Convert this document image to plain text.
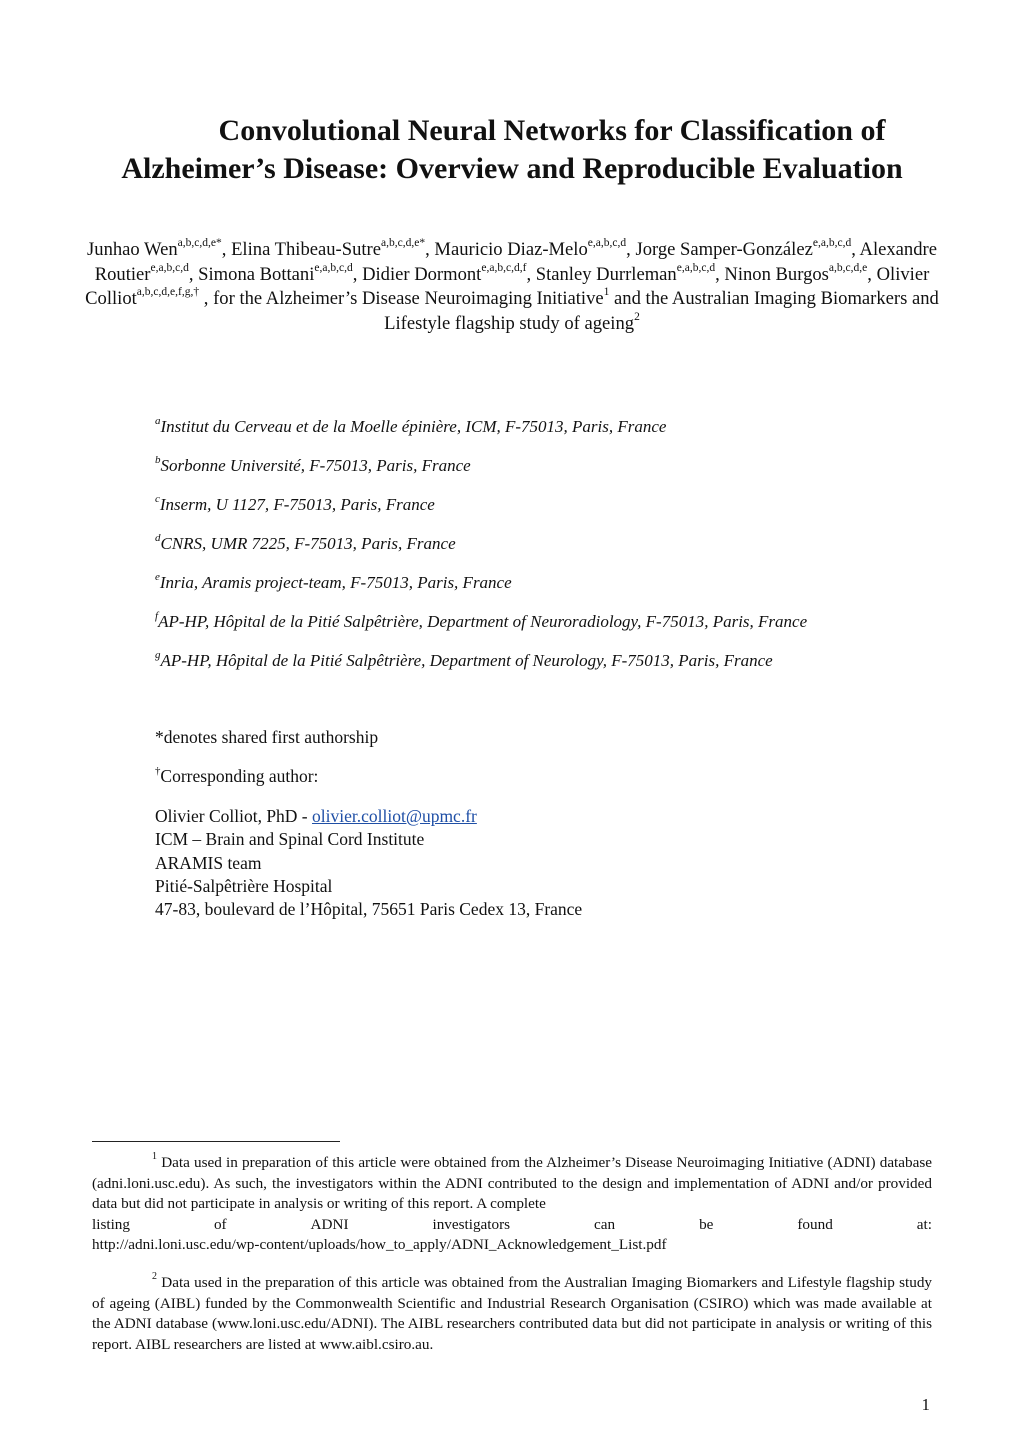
Convolutional Neural Networks for Classification of
Alzheimer’s Disease: Overview and Reproducible Evaluation
Junhao Wen$^{a,b,c,d,e*}$, Elina Thibeau-Sutre$^{a,b,c,d,e*}$, Mauricio Diaz-Melo$^{e,a,b,c,d}$, Jorge Samper-González$^{e,a,b,c,d}$, Alexandre Routier$^{e,a,b,c,d}$, Simona Bottani$^{e,a,b,c,d}$, Didier Dormont$^{e,a,b,c,d,f}$, Stanley Durrleman$^{e,a,b,c,d}$, Ninon Burgos$^{a,b,c,d,e}$, Olivier Colliot$^{a,b,c,d,e,f,g,\dagger}$ , for the Alzheimer’s Disease Neuroimaging Initiative$^1$ and the Australian Imaging Biomarkers and Lifestyle flagship study of ageing$^2$
$^a$Institut du Cerveau et de la Moelle épinière, ICM, F-75013, Paris, France
$^b$Sorbonne Université, F-75013, Paris, France
$^c$Inserm, U 1127, F-75013, Paris, France
$^d$CNRS, UMR 7225, F-75013, Paris, France
$^e$Inria, Aramis project-team, F-75013, Paris, France
$^f$AP-HP, Hôpital de la Pitié Salpêtrière, Department of Neuroradiology, F-75013, Paris, France
$^g$AP-HP, Hôpital de la Pitié Salpêtrière, Department of Neurology, F-75013, Paris, France
*denotes shared first authorship
†Corresponding author:
Olivier Colliot, PhD - olivier.colliot@upmc.fr
ICM – Brain and Spinal Cord Institute
ARAMIS team
Pitié-Salpêtrière Hospital
47-83, boulevard de l’Hôpital, 75651 Paris Cedex 13, France
$^1$ Data used in preparation of this article were obtained from the Alzheimer’s Disease Neuroimaging Initiative (ADNI) database (adni.loni.usc.edu). As such, the investigators within the ADNI contributed to the design and implementation of ADNI and/or provided data but did not participate in analysis or writing of this report. A complete
listing	of	ADNI	investigators	can	be	found	at:
http://adni.loni.usc.edu/wp-content/uploads/how_to_apply/ADNI_Acknowledgement_List.pdf
$^2$ Data used in the preparation of this article was obtained from the Australian Imaging Biomarkers and Lifestyle flagship study of ageing (AIBL) funded by the Commonwealth Scientific and Industrial Research Organisation (CSIRO) which was made available at the ADNI database (www.loni.usc.edu/ADNI). The AIBL researchers contributed data but did not participate in analysis or writing of this report. AIBL researchers are listed at www.aibl.csiro.au.
1
